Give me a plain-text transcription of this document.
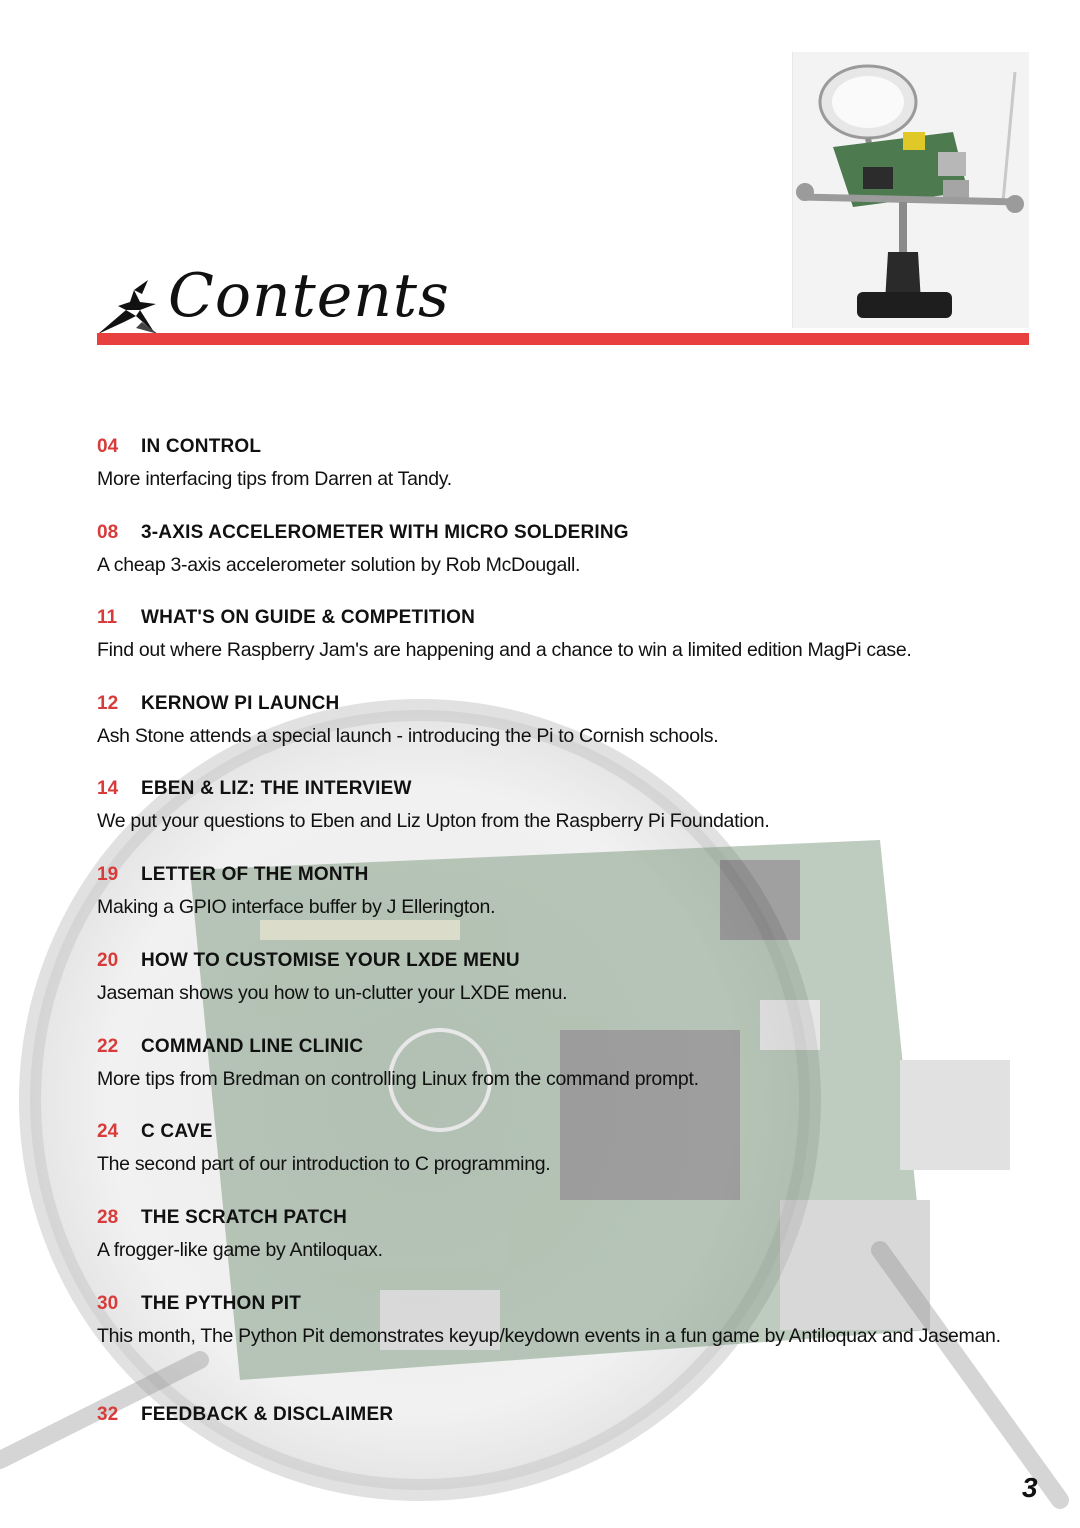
Contents
04 IN CONTROL
More interfacing tips from Darren at Tandy.
08 3-AXIS ACCELEROMETER WITH MICRO SOLDERING
A cheap 3-axis accelerometer solution by Rob McDougall.
11 WHAT'S ON GUIDE & COMPETITION
Find out where Raspberry Jam's are happening and a chance to win a limited edition MagPi case.
12 KERNOW PI LAUNCH
Ash Stone attends a special launch - introducing the Pi to Cornish schools.
14 EBEN & LIZ: THE INTERVIEW
We put your questions to Eben and Liz Upton from the Raspberry Pi Foundation.
19 LETTER OF THE MONTH
Making a GPIO interface buffer by J Ellerington.
20 HOW TO CUSTOMISE YOUR LXDE MENU
Jaseman shows you how to un-clutter your LXDE menu.
22 COMMAND LINE CLINIC
More tips from Bredman on controlling Linux from the command prompt.
24 C CAVE
The second part of our introduction to C programming.
28 THE SCRATCH PATCH
A frogger-like game by Antiloquax.
30 THE PYTHON PIT
This month, The Python Pit demonstrates keyup/keydown events in a fun game by Antiloquax and Jaseman.
32 FEEDBACK & DISCLAIMER
3
